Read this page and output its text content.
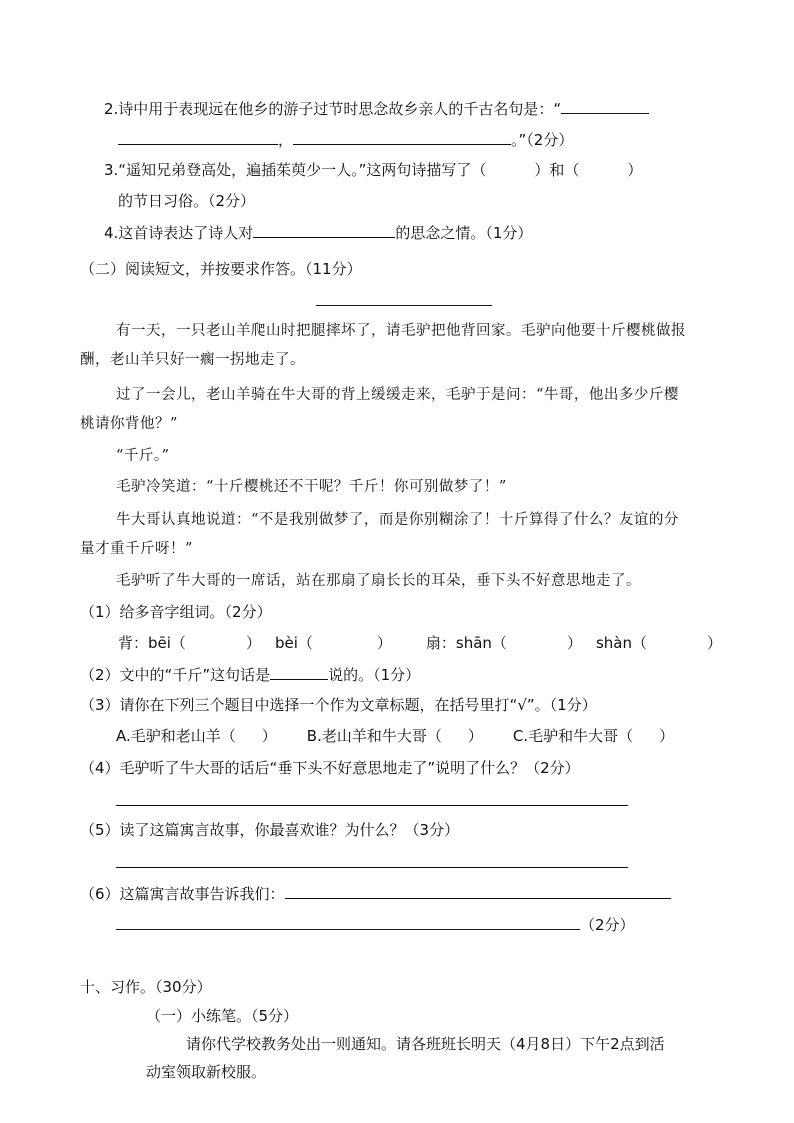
2.诗中用于表现远在他乡的游子过节时思念故乡亲人的千古名句是：“
，	。”（2分）
3.“遥知兄弟登高处，遍插茱萸少一人。”这两句诗描写了（	）和（	）
的节日习俗。（2分）
4.这首诗表达了诗人对	的思念之情。（1分）
（二）阅读短文，并按要求作答。（11分）
有一天，一只老山羊爬山时把腿摔坏了，请毛驴把他背回家。毛驴向他要十斤樱桃做报
酬，老山羊只好一瘸一拐地走了。
过了一会儿，老山羊骑在牛大哥的背上缓缓走来，毛驴于是问：“牛哥，他出多少斤樱
桃请你背他？”
“千斤。”
毛驴冷笑道：“十斤樱桃还不干呢？千斤！你可别做梦了！”
牛大哥认真地说道：“不是我别做梦了，而是你别糊涂了！十斤算得了什么？友谊的分
量才重千斤呀！”
毛驴听了牛大哥的一席话，站在那扇了扇长长的耳朵，垂下头不好意思地走了。
（1）给多音字组词。（2分）
背：bēi（	） bèi（	） 扇：shān（	） shàn（	）
（2）文中的“千斤”这句话是	说的。（1分）
（3）请你在下列三个题目中选择一个作为文章标题，在括号里打“√”。（1分）
A.毛驴和老山羊（ ） B.老山羊和牛大哥（ ） C.毛驴和牛大哥（ ）
（4）毛驴听了牛大哥的话后“垂下头不好意思地走了”说明了什么？（2分）
（5）读了这篇寓言故事，你最喜欢谁？为什么？（3分）
（6）这篇寓言故事告诉我们：
（2分）
十、习作。（30分）
（一）小练笔。（5分）
请你代学校教务处出一则通知。请各班班长明天（4月8日）下午2点到活
动室领取新校服。
